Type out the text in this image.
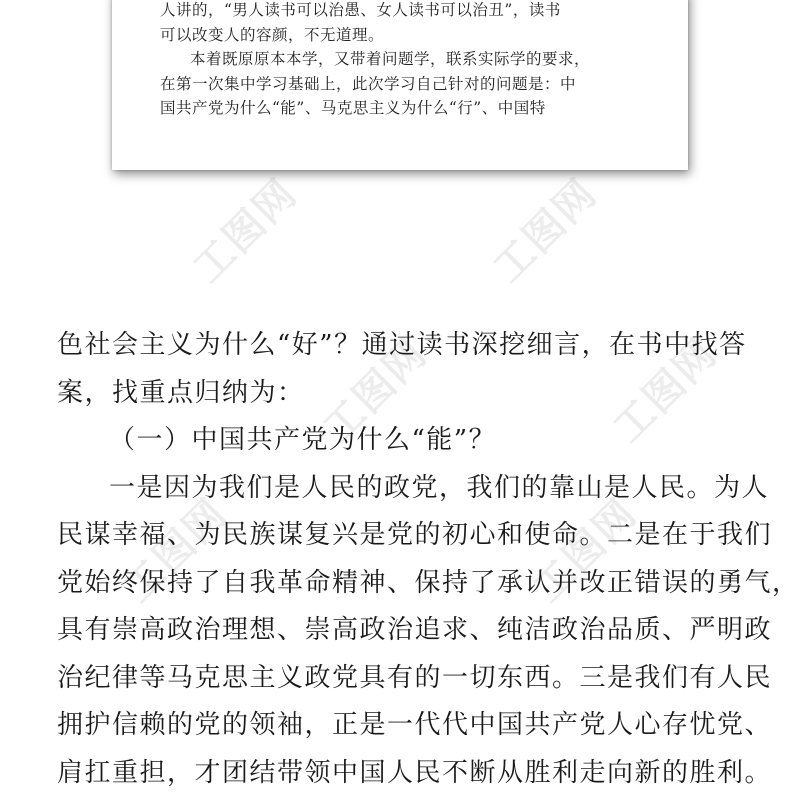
工图网	工图网
工图网	工图网
工图网	工图网

人讲的，“男人读书可以治愚、女人读书可以治丑”，读书

可以改变人的容颜，不无道理。

本着既原原本本学，又带着问题学，联系实际学的要求，

在第一次集中学习基础上，此次学习自己针对的问题是：中

国共产党为什么“能”、马克思主义为什么“行”、中国特

色社会主义为什么“好”？通过读书深挖细言，在书中找答

案，找重点归纳为：

（一）中国共产党为什么“能”？

一是因为我们是人民的政党，我们的靠山是人民。为人

民谋幸福、为民族谋复兴是党的初心和使命。二是在于我们

党始终保持了自我革命精神、保持了承认并改正错误的勇气，

具有崇高政治理想、崇高政治追求、纯洁政治品质、严明政

治纪律等马克思主义政党具有的一切东西。三是我们有人民

拥护信赖的党的领袖，正是一代代中国共产党人心存忧党、

肩扛重担，才团结带领中国人民不断从胜利走向新的胜利。
